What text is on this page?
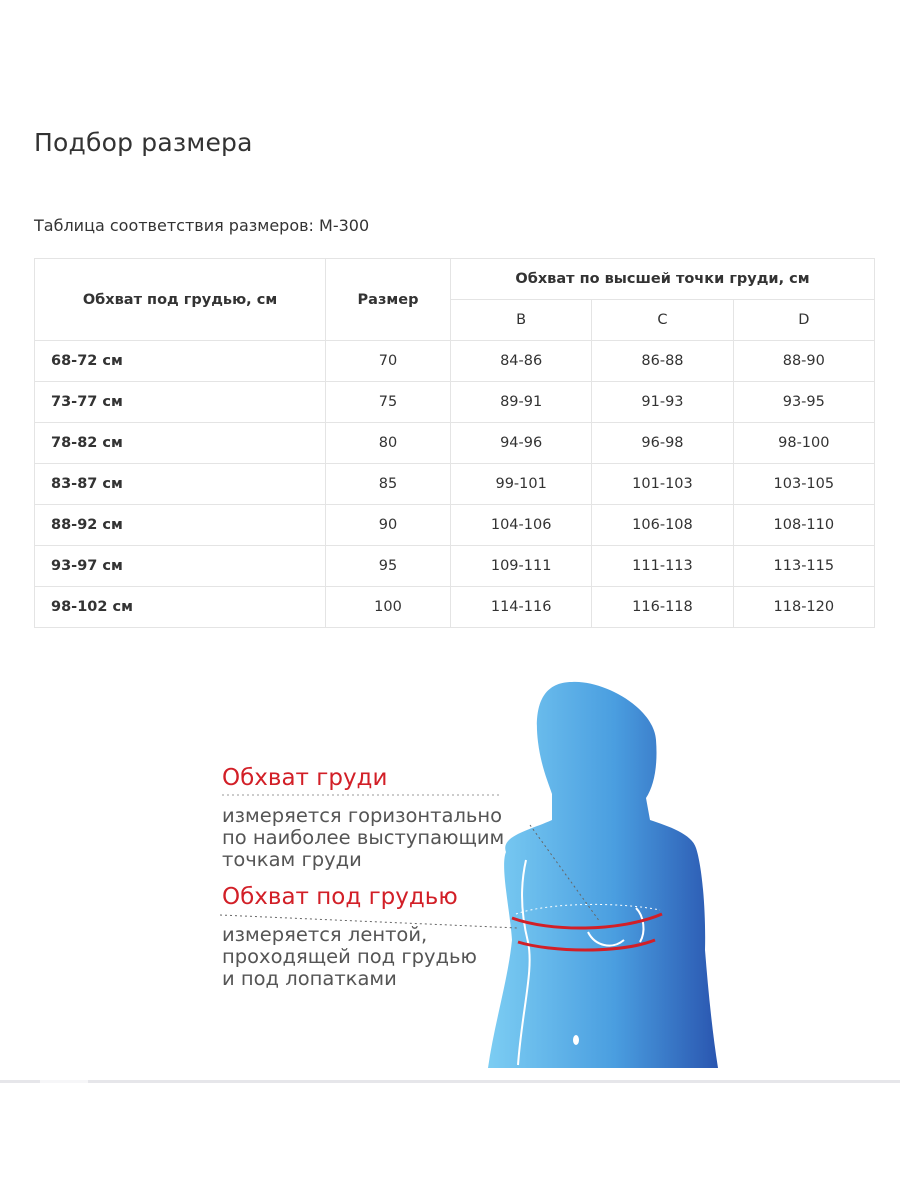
Подбор размера
Таблица соответствия размеров: М-300
Обхват под грудью, см	Размер	Обхват по высшей точки груди, см		
		B	C	D
68-72 см	70	84-86	86-88	88-90
73-77 см	75	89-91	91-93	93-95
78-82 см	80	94-96	96-98	98-100
83-87 см	85	99-101	101-103	103-105
88-92 см	90	104-106	106-108	108-110
93-97 см	95	109-111	111-113	113-115
98-102 см	100	114-116	116-118	118-120
Обхват груди
измеряется горизонтально
по наиболее выступающим
точкам груди
Обхват под грудью
измеряется лентой,
проходящей под грудью
и под лопатками
